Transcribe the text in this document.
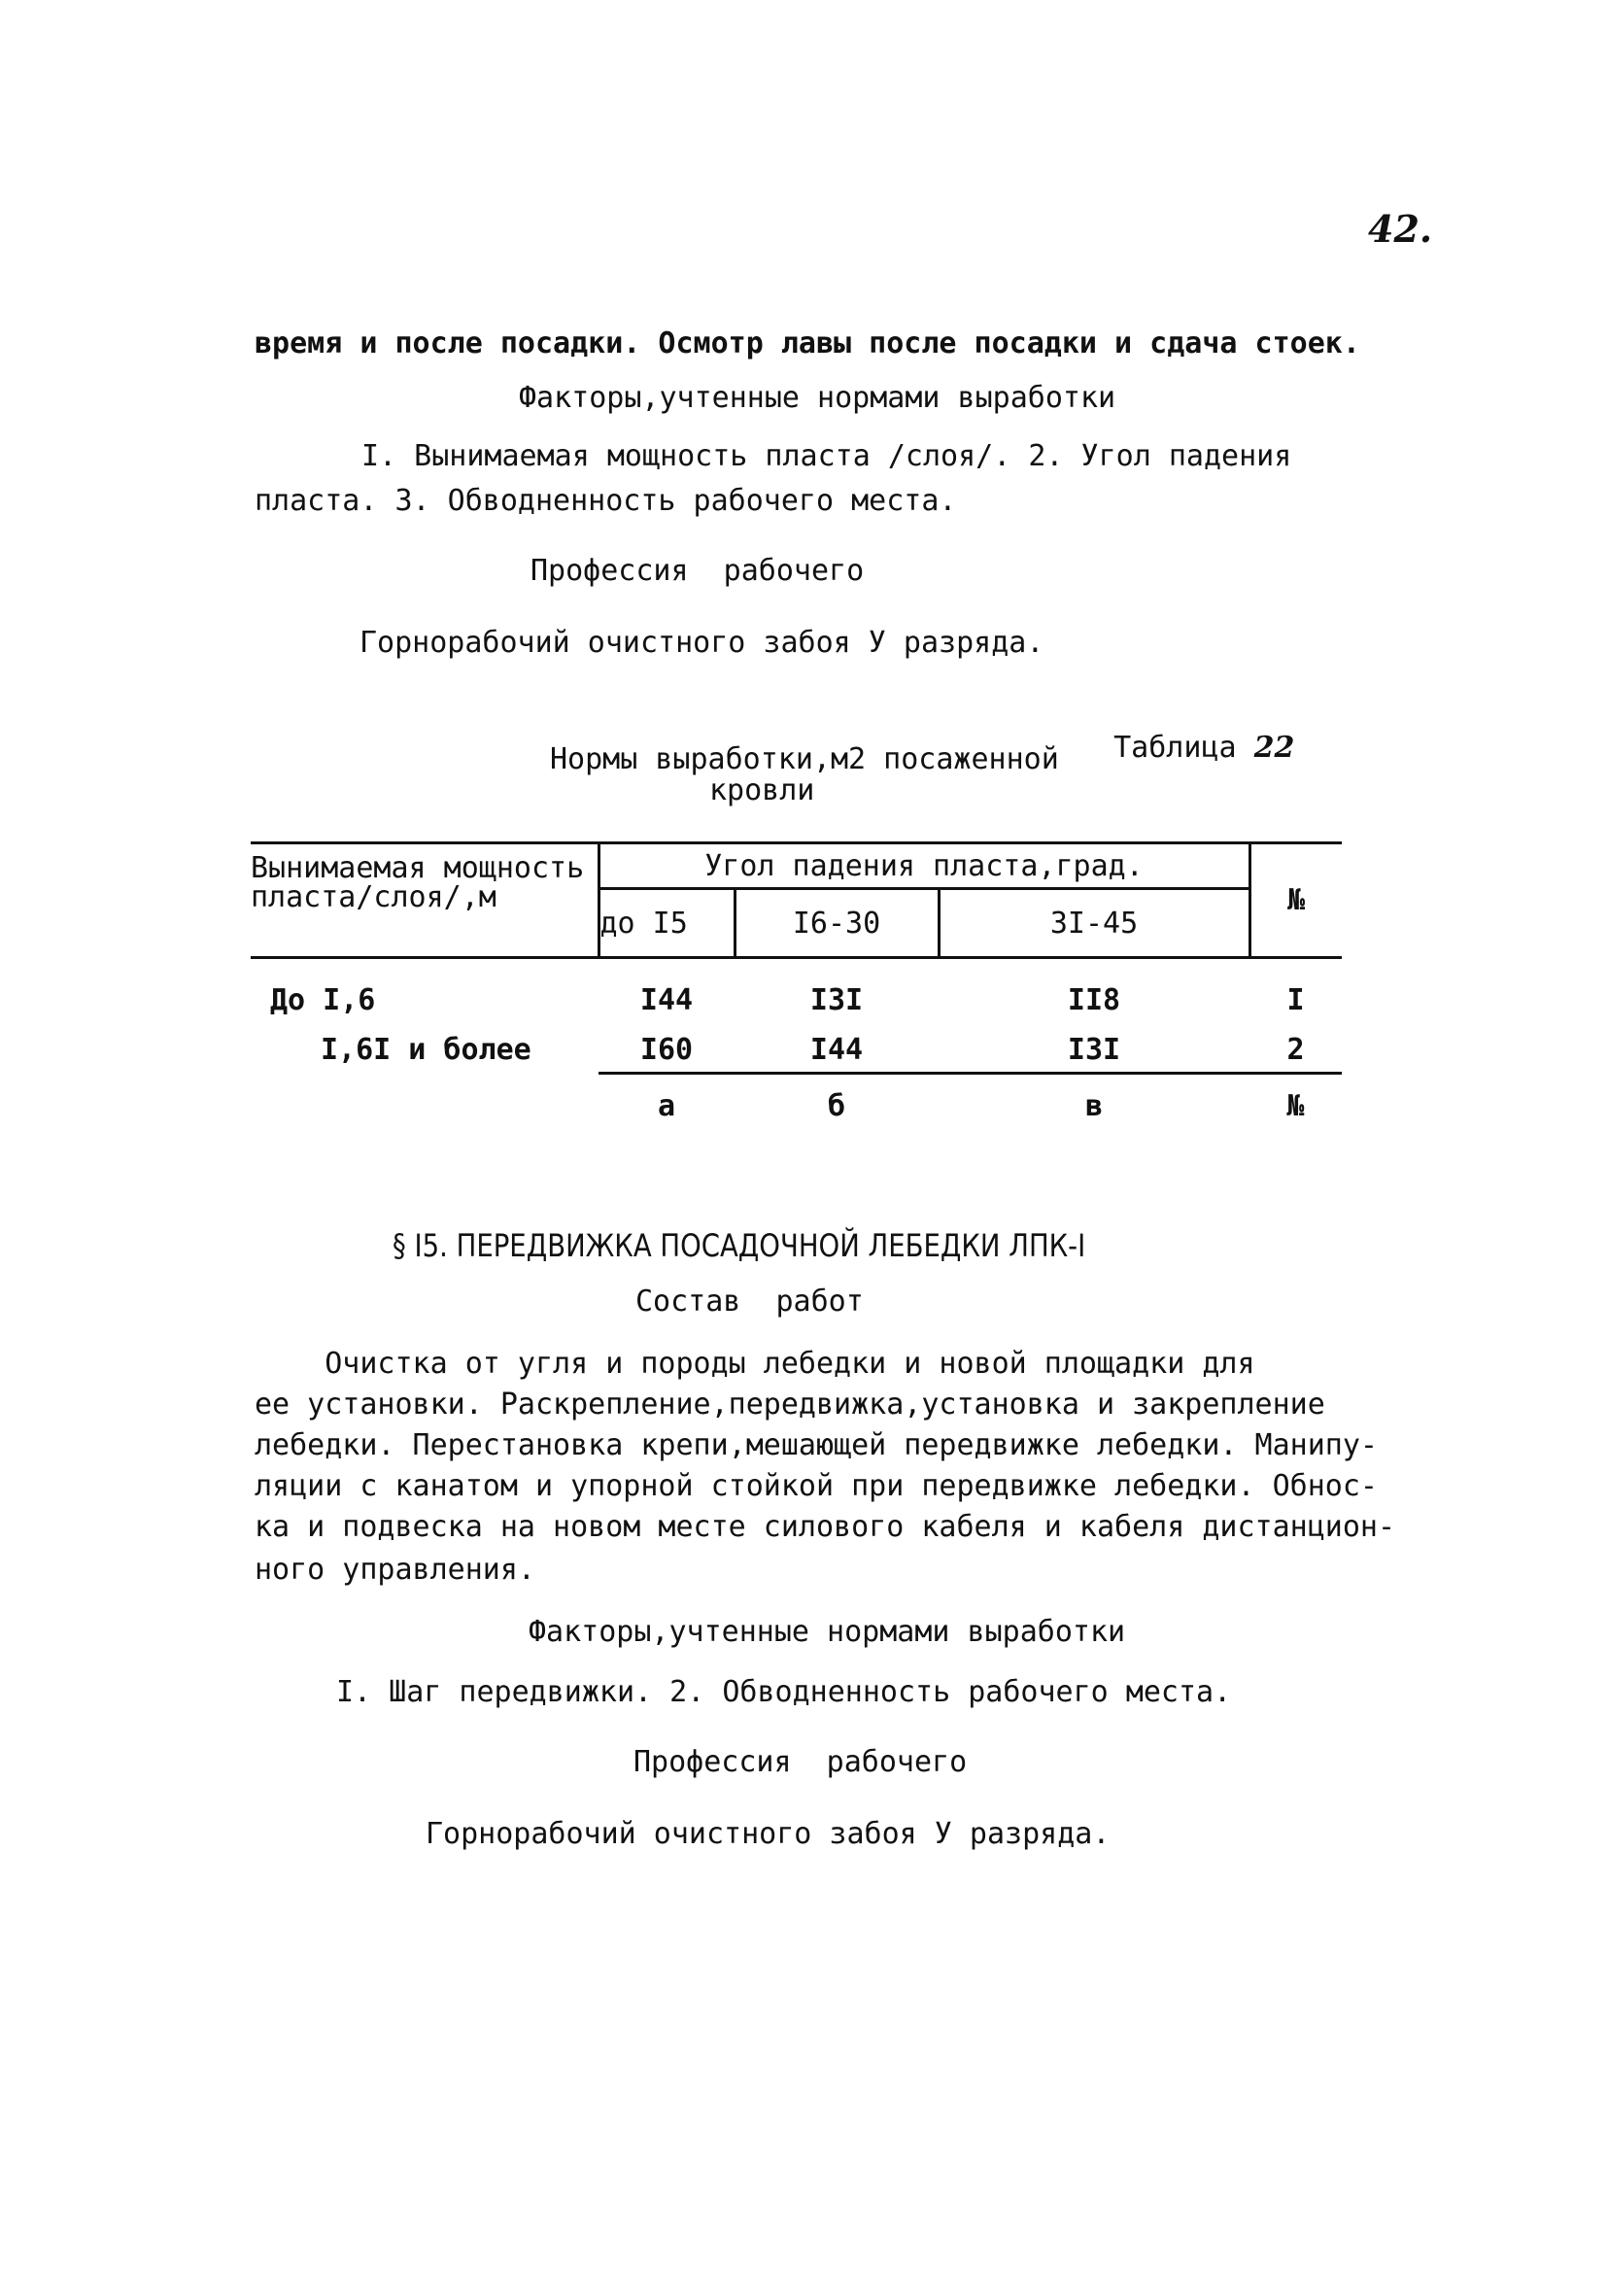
42.
время и после посадки. Осмотр лавы после посадки и сдача стоек.
Факторы,учтенные нормами выработки
I. Вынимаемая мощность пласта /слоя/. 2. Угол падения
пласта. 3. Обводненность рабочего места.
Профессия  рабочего
Горнорабочий очистного забоя У разряда.

Таблица 22

Нормы выработки,м2 посаженной
кровли
Вынимаемая мощность
пласта/слоя/,м	Угол падения пласта,град.			№
	до I5	I6-30	3I-45	
До I,6	I44	I3I	II8	I
I,6I и более	I60	I44	I3I	2
	а	б	в	№
§ I5. ПЕРЕДВИЖКА ПОСАДОЧНОЙ ЛЕБЕДКИ ЛПК-I
Состав  работ
Очистка от угля и породы лебедки и новой площадки для
ее установки. Раскрепление,передвижка,установка и закрепление
лебедки. Перестановка крепи,мешающей передвижке лебедки. Манипу-
ляции с канатом и упорной стойкой при передвижке лебедки. Обнос-
ка и подвеска на новом месте силового кабеля и кабеля дистанцион-
ного управления.
Факторы,учтенные нормами выработки
I. Шаг передвижки. 2. Обводненность рабочего места.
Профессия  рабочего
Горнорабочий очистного забоя У разряда.
